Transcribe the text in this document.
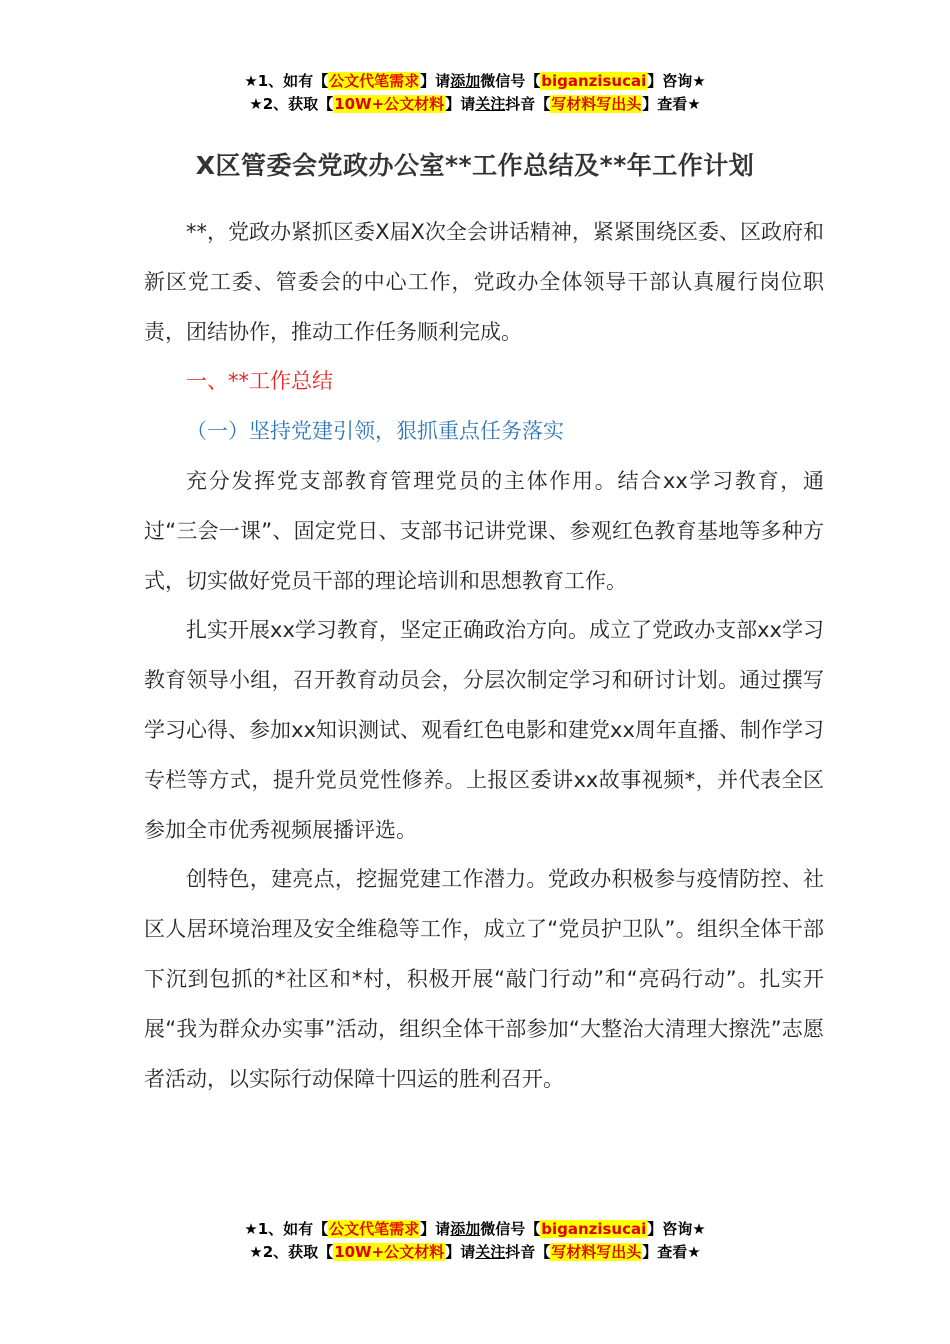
★1、如有【公文代笔需求】请添加微信号【biganzisucai】咨询★
★2、获取【10W+公文材料】请关注抖音【写材料写出头】查看★
X区管委会党政办公室**工作总结及**年工作计划

**，党政办紧抓区委X届X次全会讲话精神，紧紧围绕区委、区政府和新区党工委、管委会的中心工作，党政办全体领导干部认真履行岗位职责，团结协作，推动工作任务顺利完成。

一、**工作总结

（一）坚持党建引领，狠抓重点任务落实

充分发挥党支部教育管理党员的主体作用。结合xx学习教育，通过“三会一课”、固定党日、支部书记讲党课、参观红色教育基地等多种方式，切实做好党员干部的理论培训和思想教育工作。

扎实开展xx学习教育，坚定正确政治方向。成立了党政办支部xx学习教育领导小组，召开教育动员会，分层次制定学习和研讨计划。通过撰写学习心得、参加xx知识测试、观看红色电影和建党xx周年直播、制作学习专栏等方式，提升党员党性修养。上报区委讲xx故事视频*，并代表全区参加全市优秀视频展播评选。

创特色，建亮点，挖掘党建工作潜力。党政办积极参与疫情防控、社区人居环境治理及安全维稳等工作，成立了“党员护卫队”。组织全体干部下沉到包抓的*社区和*村，积极开展“敲门行动”和“亮码行动”。扎实开展“我为群众办实事”活动，组织全体干部参加“大整治大清理大擦洗”志愿者活动，以实际行动保障十四运的胜利召开。

★1、如有【公文代笔需求】请添加微信号【biganzisucai】咨询★
★2、获取【10W+公文材料】请关注抖音【写材料写出头】查看★
